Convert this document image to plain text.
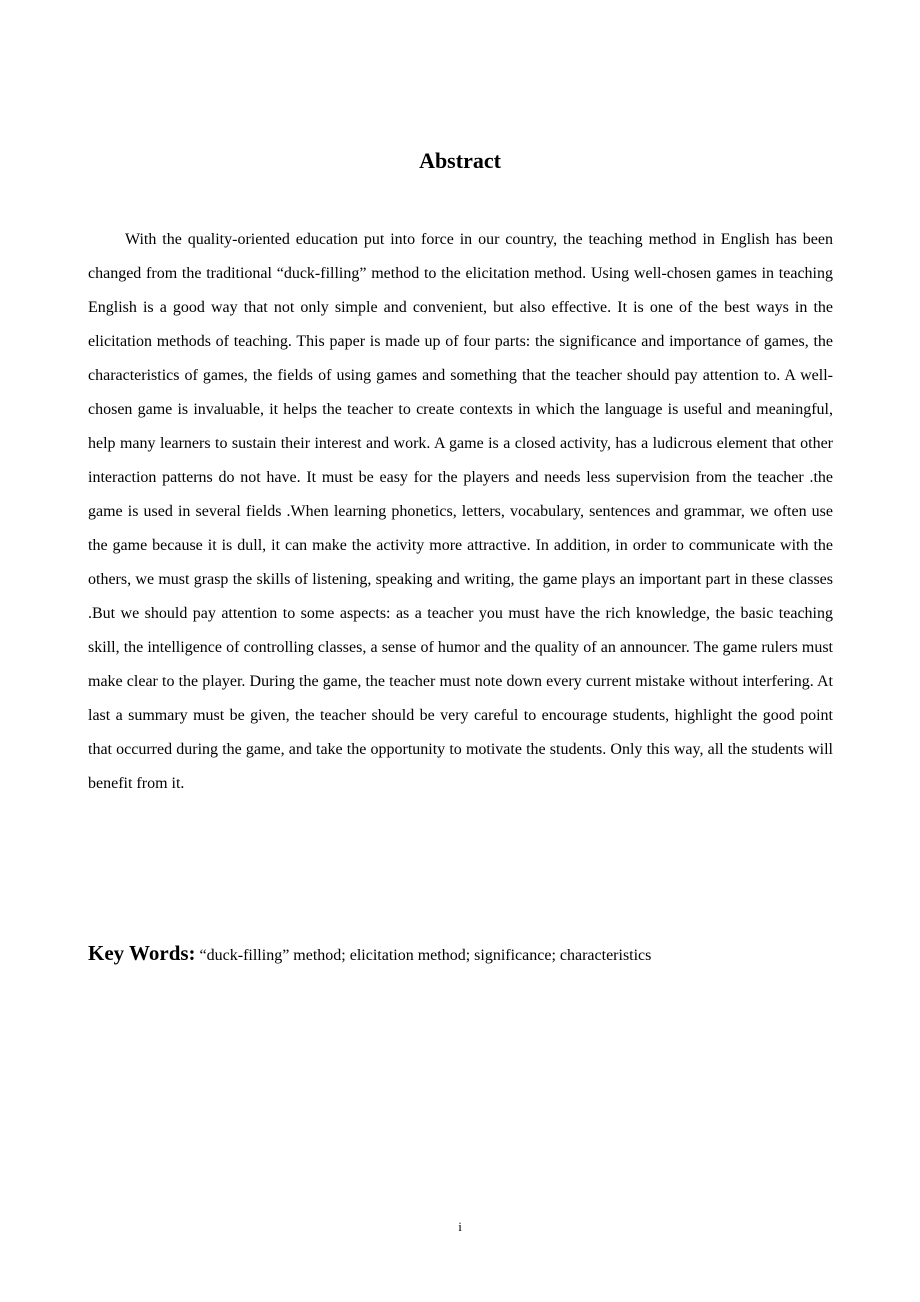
Abstract

With the quality-oriented education put into force in our country, the teaching method in English has been changed from the traditional “duck-filling” method to the elicitation method. Using well-chosen games in teaching English is a good way that not only simple and convenient, but also effective. It is one of the best ways in the elicitation methods of teaching. This paper is made up of four parts: the significance and importance of games, the characteristics of games, the fields of using games and something that the teacher should pay attention to. A well-chosen game is invaluable, it helps the teacher to create contexts in which the language is useful and meaningful, help many learners to sustain their interest and work. A game is a closed activity, has a ludicrous element that other interaction patterns do not have. It must be easy for the players and needs less supervision from the teacher .the game is used in several fields .When learning phonetics, letters, vocabulary, sentences and grammar, we often use the game because it is dull, it can make the activity more attractive. In addition, in order to communicate with the others, we must grasp the skills of listening, speaking and writing, the game plays an important part in these classes .But we should pay attention to some aspects: as a teacher you must have the rich knowledge, the basic teaching skill, the intelligence of controlling classes, a sense of humor and the quality of an announcer. The game rulers must make clear to the player. During the game, the teacher must note down every current mistake without interfering. At last a summary must be given, the teacher should be very careful to encourage students, highlight the good point that occurred during the game, and take the opportunity to motivate the students. Only this way, all the students will benefit from it.

Key Words: “duck-filling” method; elicitation method; significance; characteristics

i
